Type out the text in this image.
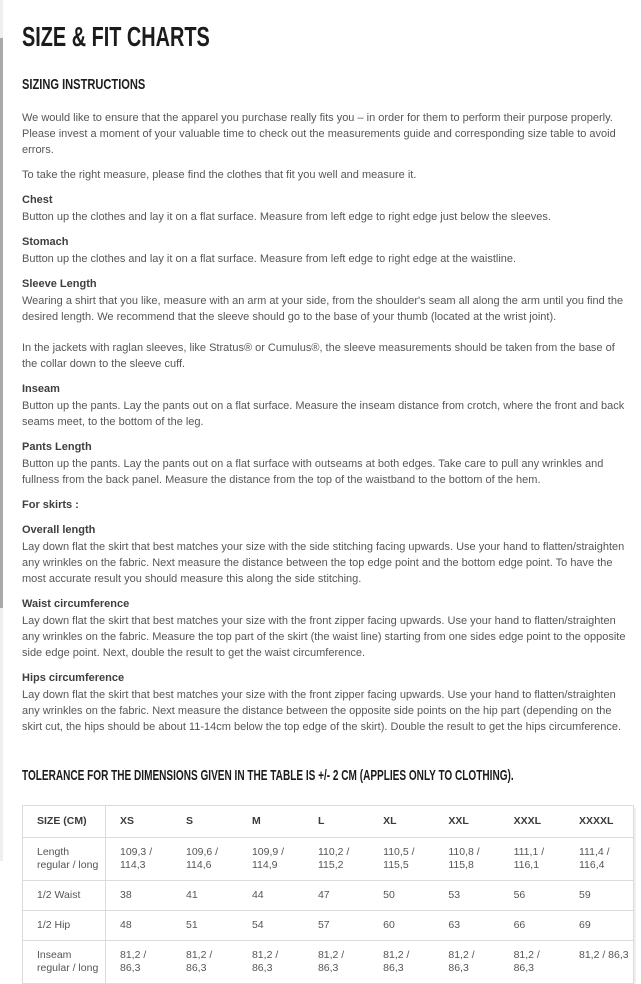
SIZE & FIT CHARTS
SIZING INSTRUCTIONS

We would like to ensure that the apparel you purchase really fits you – in order for them to perform their purpose properly. Please invest a moment of your valuable time to check out the measurements guide and corresponding size table to avoid errors.

To take the right measure, please find the clothes that fit you well and measure it.

Chest

Button up the clothes and lay it on a flat surface. Measure from left edge to right edge just below the sleeves.

Stomach

Button up the clothes and lay it on a flat surface. Measure from left edge to right edge at the waistline.

Sleeve Length

Wearing a shirt that you like, measure with an arm at your side, from the shoulder's seam all along the arm until you find the desired length. We recommend that the sleeve should go to the base of your thumb (located at the wrist joint).

In the jackets with raglan sleeves, like Stratus® or Cumulus®, the sleeve measurements should be taken from the base of the collar down to the sleeve cuff.

Inseam

Button up the pants. Lay the pants out on a flat surface. Measure the inseam distance from crotch, where the front and back seams meet, to the bottom of the leg.

Pants Length

Button up the pants. Lay the pants out on a flat surface with outseams at both edges. Take care to pull any wrinkles and fullness from the back panel. Measure the distance from the top of the waistband to the bottom of the hem.

For skirts :
Overall length

Lay down flat the skirt that best matches your size with the side stitching facing upwards. Use your hand to flatten/straighten any wrinkles on the fabric. Next measure the distance between the top edge point and the bottom edge point. To have the most accurate result you should measure this along the side stitching.

Waist circumference

Lay down flat the skirt that best matches your size with the front zipper facing upwards. Use your hand to flatten/straighten any wrinkles on the fabric. Measure the top part of the skirt (the waist line) starting from one sides edge point to the opposite side edge point. Next, double the result to get the waist circumference.

Hips circumference

Lay down flat the skirt that best matches your size with the front zipper facing upwards. Use your hand to flatten/straighten any wrinkles on the fabric. Next measure the distance between the opposite side points on the hip part (depending on the skirt cut, the hips should be about 11-14cm below the top edge of the skirt). Double the result to get the hips circumference.

TOLERANCE FOR THE DIMENSIONS GIVEN IN THE TABLE IS +/- 2 CM (APPLIES ONLY TO CLOTHING).
SIZE (CM)	XS	S	M	L	XL	XXL	XXXL	XXXXL
Length regular / long	109,3 / 114,3	109,6 / 114,6	109,9 / 114,9	110,2 / 115,2	110,5 / 115,5	110,8 / 115,8	111,1 / 116,1	111,4 / 116,4
1/2 Waist	38	41	44	47	50	53	56	59
1/2 Hip	48	51	54	57	60	63	66	69
Inseam regular / long	81,2 / 86,3	81,2 / 86,3	81,2 / 86,3	81,2 / 86,3	81,2 / 86,3	81,2 / 86,3	81,2 / 86,3	81,2 / 86,3
